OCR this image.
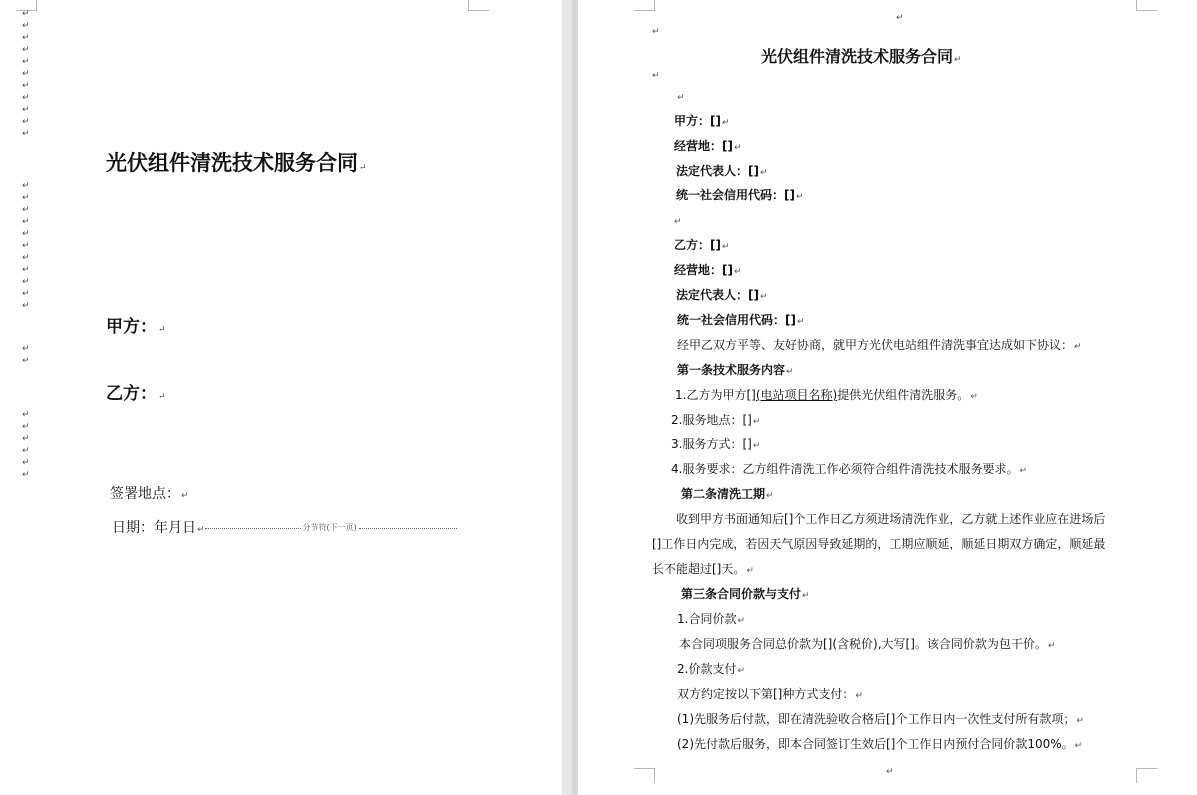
↵
↵
↵
↵
↵
↵
↵
↵
↵
↵
↵
↵
↵
↵
↵
↵
↵
↵
↵
↵
↵
↵
↵
↵
↵
↵
↵
↵
↵
↵
光伏组件清洗技术服务合同↵
甲方：↵
乙方：↵
签署地点：↵
日期：年月日↵	分节符(下一页)
↵
↵
↵
↵
↵
↵
光伏组件清洗技术服务合同↵
甲方：[]↵
经营地：[]↵
法定代表人：[]↵
统一社会信用代码：[]↵
乙方：[]↵
经营地：[]↵
法定代表人：[]↵
统一社会信用代码：[]↵
经甲乙双方平等、友好协商，就甲方光伏电站组件清洗事宜达成如下协议：↵
第一条技术服务内容↵
1.乙方为甲方[](电站项目名称)提供光伏组件清洗服务。↵
2.服务地点：[]↵
3.服务方式：[]↵
4.服务要求：乙方组件清洗工作必须符合组件清洗技术服务要求。↵
第二条清洗工期↵
收到甲方书面通知后[]个工作日乙方须进场清洗作业，乙方就上述作业应在进场后
[]工作日内完成，若因天气原因导致延期的，工期应顺延，顺延日期双方确定，顺延最
长不能超过[]天。↵
第三条合同价款与支付↵
1.合同价款↵
本合同项服务合同总价款为[](含税价),大写[]。该合同价款为包干价。↵
2.价款支付↵
双方约定按以下第[]种方式支付：↵
(1)先服务后付款，即在清洗验收合格后[]个工作日内一次性支付所有款项；↵
(2)先付款后服务，即本合同签订生效后[]个工作日内预付合同价款100%。↵
